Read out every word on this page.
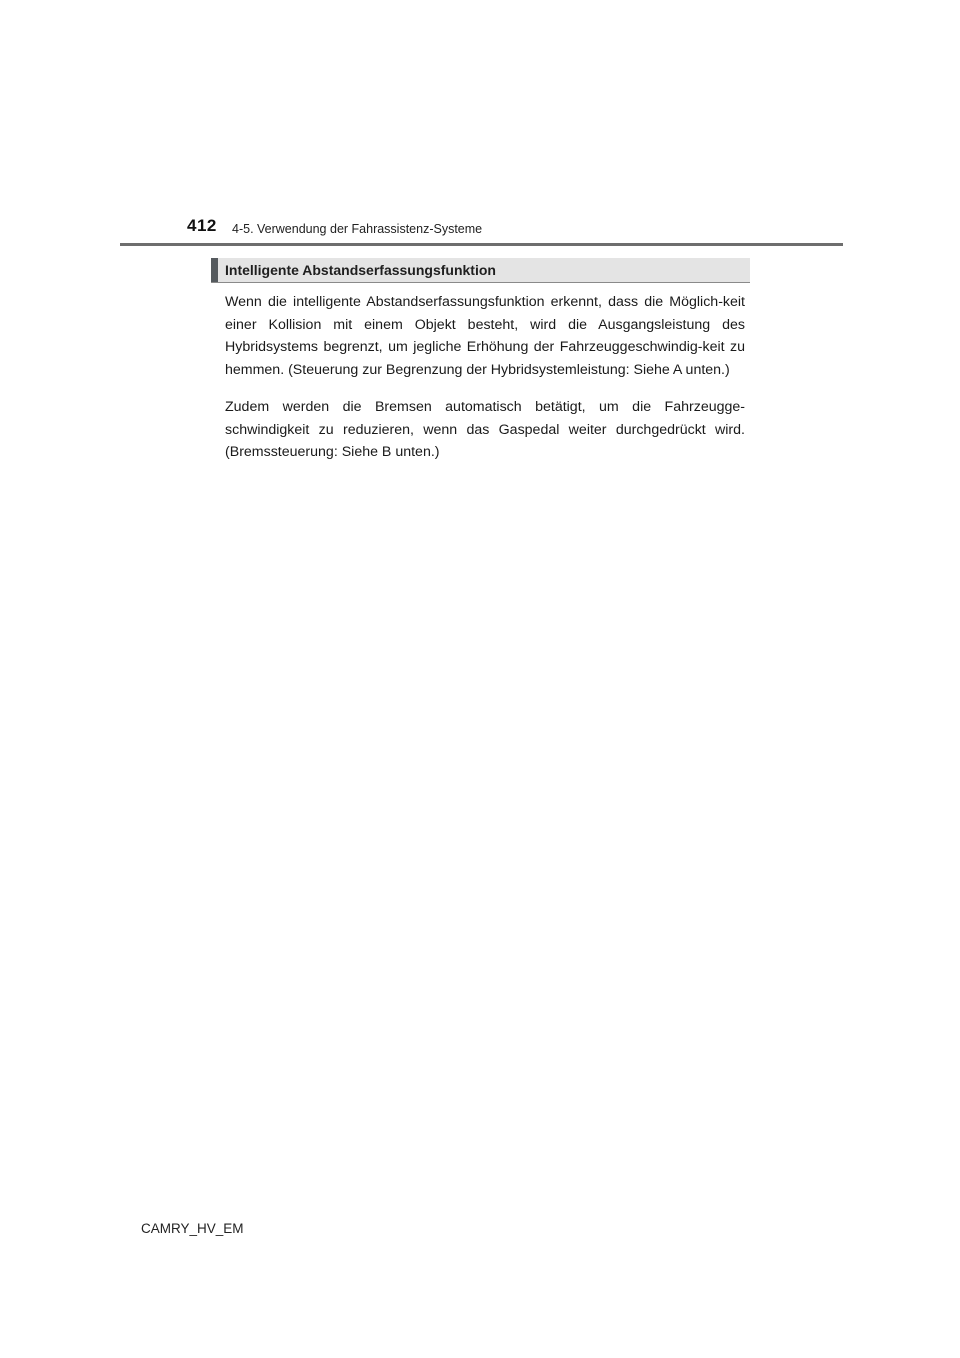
412 4-5. Verwendung der Fahrassistenz-Systeme
Intelligente Abstandserfassungsfunktion
Wenn die intelligente Abstandserfassungsfunktion erkennt, dass die Möglich-keit einer Kollision mit einem Objekt besteht, wird die Ausgangsleistung des Hybridsystems begrenzt, um jegliche Erhöhung der Fahrzeuggeschwindig-keit zu hemmen. (Steuerung zur Begrenzung der Hybridsystemleistung: Siehe A unten.)
Zudem werden die Bremsen automatisch betätigt, um die Fahrzeugge-schwindigkeit zu reduzieren, wenn das Gaspedal weiter durchgedrückt wird. (Bremssteuerung: Siehe B unten.)
CAMRY_HV_EM
